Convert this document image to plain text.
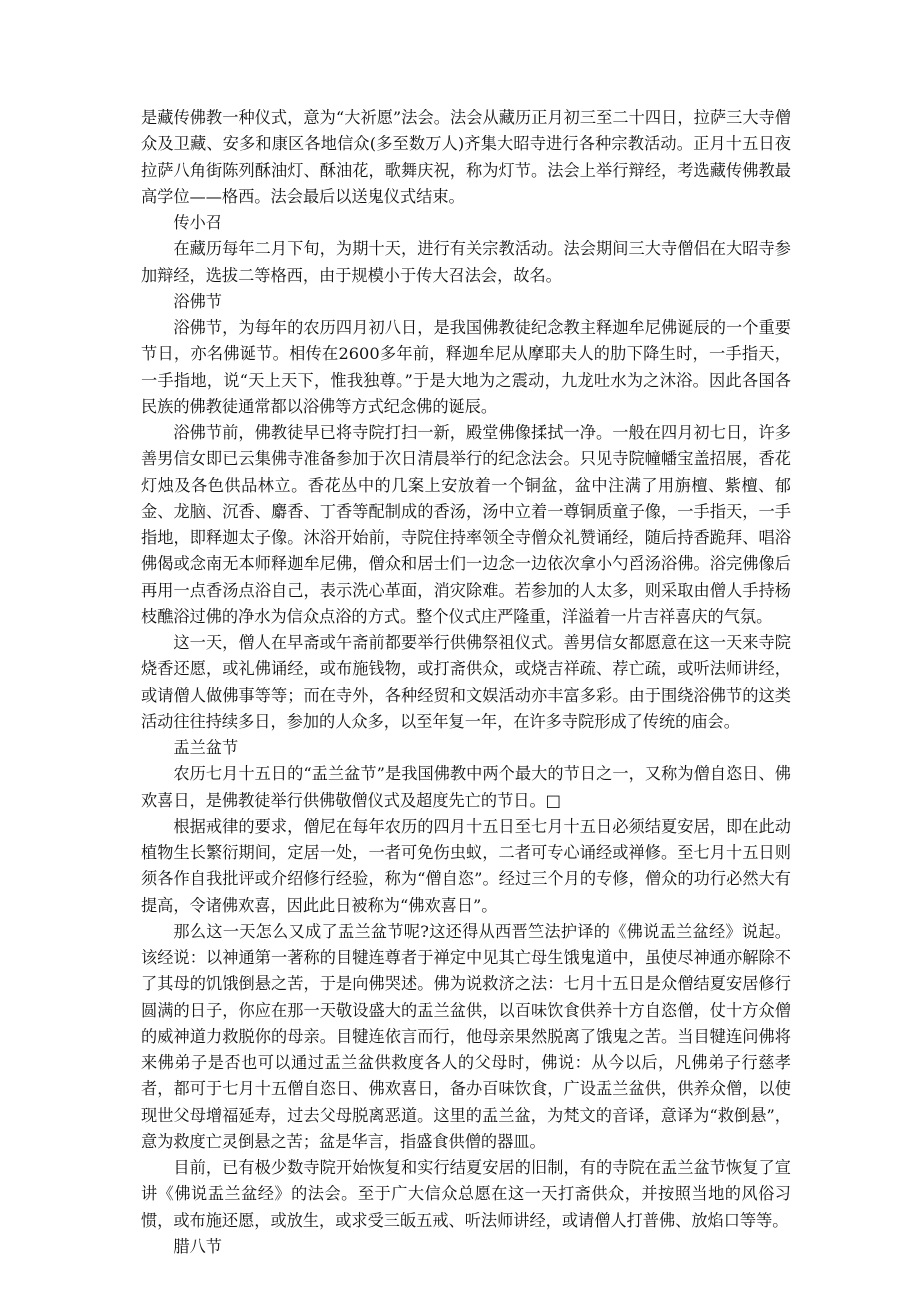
是藏传佛教一种仪式，意为“大祈愿”法会。法会从藏历正月初三至二十四日，拉萨三大寺僧众及卫藏、安多和康区各地信众(多至数万人)齐集大昭寺进行各种宗教活动。正月十五日夜拉萨八角街陈列酥油灯、酥油花，歌舞庆祝，称为灯节。法会上举行辩经，考选藏传佛教最高学位——格西。法会最后以送鬼仪式结束。

传小召

在藏历每年二月下旬，为期十天，进行有关宗教活动。法会期间三大寺僧侣在大昭寺参加辩经，选拔二等格西，由于规模小于传大召法会，故名。

浴佛节

浴佛节，为每年的农历四月初八日，是我国佛教徒纪念教主释迦牟尼佛诞辰的一个重要节日，亦名佛诞节。相传在2600多年前，释迦牟尼从摩耶夫人的肋下降生时，一手指天，一手指地，说“天上天下，惟我独尊。”于是大地为之震动，九龙吐水为之沐浴。因此各国各民族的佛教徒通常都以浴佛等方式纪念佛的诞辰。

浴佛节前，佛教徒早已将寺院打扫一新，殿堂佛像揉拭一净。一般在四月初七日，许多善男信女即已云集佛寺准备参加于次日清晨举行的纪念法会。只见寺院幢幡宝盖招展，香花灯烛及各色供品林立。香花丛中的几案上安放着一个铜盆，盆中注满了用旃檀、紫檀、郁金、龙脑、沉香、麝香、丁香等配制成的香汤，汤中立着一尊铜质童子像，一手指天，一手指地，即释迦太子像。沐浴开始前，寺院住持率领全寺僧众礼赞诵经，随后持香跪拜、唱浴佛偈或念南无本师释迦牟尼佛，僧众和居士们一边念一边依次拿小勺舀汤浴佛。浴完佛像后再用一点香汤点浴自己，表示洗心革面，消灾除难。若参加的人太多，则采取由僧人手持杨枝醮浴过佛的净水为信众点浴的方式。整个仪式庄严隆重，洋溢着一片吉祥喜庆的气氛。

这一天，僧人在早斋或午斋前都要举行供佛祭祖仪式。善男信女都愿意在这一天来寺院烧香还愿，或礼佛诵经，或布施钱物，或打斋供众，或烧吉祥疏、荐亡疏，或听法师讲经，或请僧人做佛事等等；而在寺外，各种经贸和文娱活动亦丰富多彩。由于围绕浴佛节的这类活动往往持续多日，参加的人众多，以至年复一年，在许多寺院形成了传统的庙会。

盂兰盆节

农历七月十五日的“盂兰盆节”是我国佛教中两个最大的节日之一，又称为僧自恣日、佛欢喜日，是佛教徒举行供佛敬僧仪式及超度先亡的节日。□

根据戒律的要求，僧尼在每年农历的四月十五日至七月十五日必须结夏安居，即在此动植物生长繁衍期间，定居一处，一者可免伤虫蚁，二者可专心诵经或禅修。至七月十五日则须各作自我批评或介绍修行经验，称为“僧自恣”。经过三个月的专修，僧众的功行必然大有提高，令诸佛欢喜，因此此日被称为“佛欢喜日”。

那么这一天怎么又成了盂兰盆节呢?这还得从西晋竺法护译的《佛说盂兰盆经》说起。该经说：以神通第一著称的目犍连尊者于禅定中见其亡母生饿鬼道中，虽使尽神通亦解除不了其母的饥饿倒悬之苦，于是向佛哭述。佛为说救济之法：七月十五日是众僧结夏安居修行圆满的日子，你应在那一天敬设盛大的盂兰盆供，以百味饮食供养十方自恣僧，仗十方众僧的威神道力救脱你的母亲。目犍连依言而行，他母亲果然脱离了饿鬼之苦。当目犍连问佛将来佛弟子是否也可以通过盂兰盆供救度各人的父母时，佛说：从今以后，凡佛弟子行慈孝者，都可于七月十五僧自恣日、佛欢喜日，备办百味饮食，广设盂兰盆供，供养众僧，以使现世父母增福延寿，过去父母脱离恶道。这里的盂兰盆，为梵文的音译，意译为“救倒悬”，意为救度亡灵倒悬之苦；盆是华言，指盛食供僧的器皿。

目前，已有极少数寺院开始恢复和实行结夏安居的旧制，有的寺院在盂兰盆节恢复了宣讲《佛说盂兰盆经》的法会。至于广大信众总愿在这一天打斋供众，并按照当地的风俗习惯，或布施还愿，或放生，或求受三皈五戒、听法师讲经，或请僧人打普佛、放焰口等等。

腊八节
